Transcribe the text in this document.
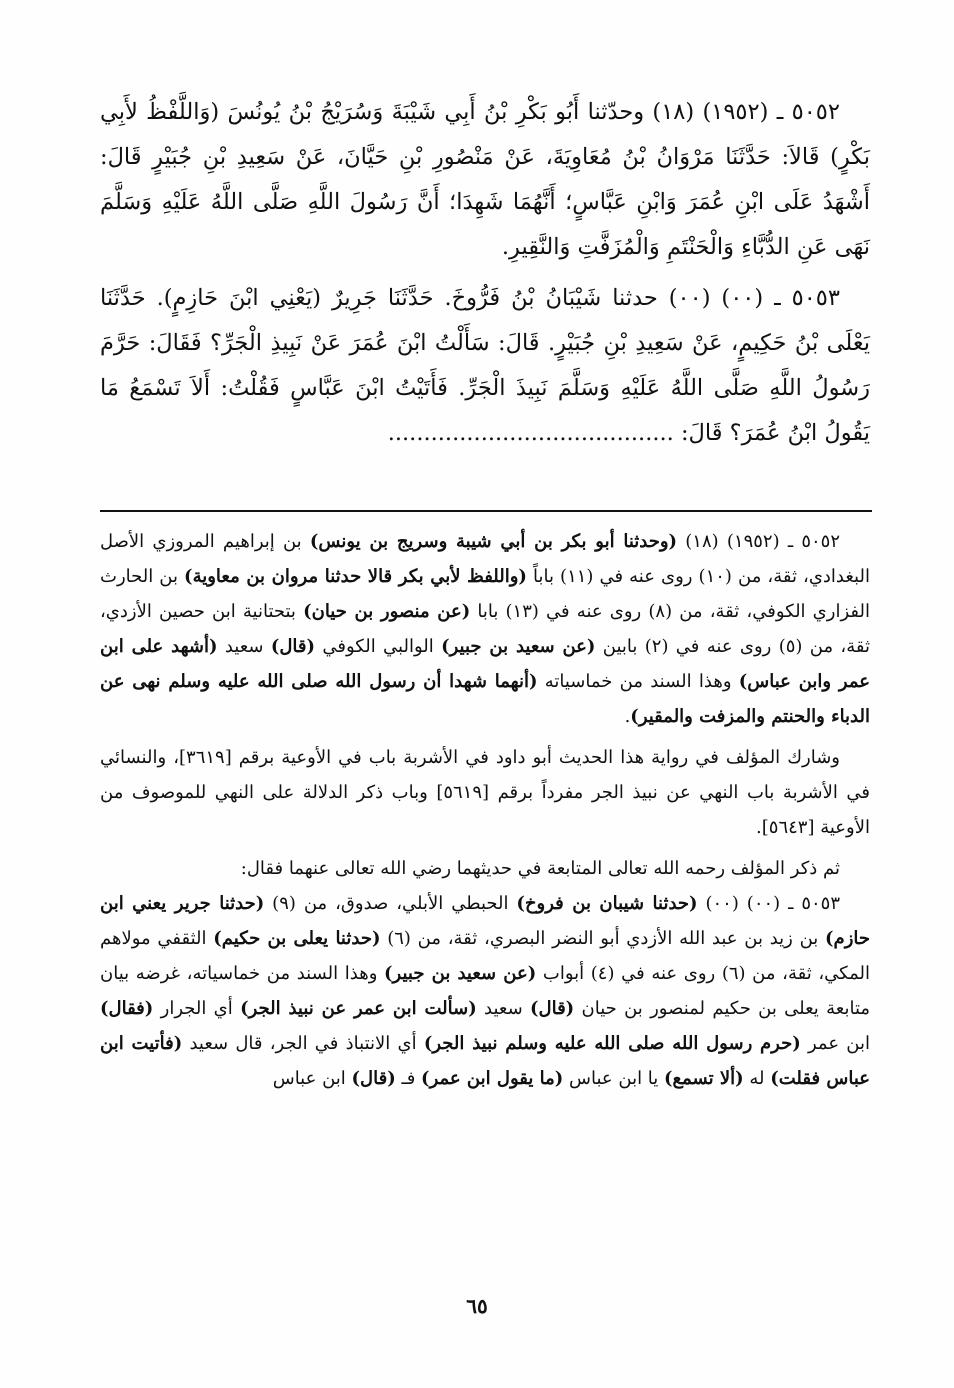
٥٠٥٢ ـ (١٩٥٢) (١٨) وحدّثنا أَبُو بَكْرِ بْنُ أَبِي شَيْبَةَ وَسُرَيْجُ بْنُ يُونُسَ (وَاللَّفْظُ لأَبِي بَكْرٍ) قَالاَ: حَدَّثَنَا مَرْوَانُ بْنُ مُعَاوِيَةَ، عَنْ مَنْصُورِ بْنِ حَيَّانَ، عَنْ سَعِيدِ بْنِ جُبَيْرٍ قَالَ: أَشْهَدُ عَلَى ابْنِ عُمَرَ وَابْنِ عَبَّاسٍ؛ أَنَّهُمَا شَهِدَا؛ أَنَّ رَسُولَ اللَّهِ صَلَّى اللَّهُ عَلَيْهِ وَسَلَّمَ نَهَى عَنِ الدُّبَّاءِ وَالْحَنْتَمِ وَالْمُزَفَّتِ وَالنَّقِيرِ.

٥٠٥٣ ـ (٠٠) (٠٠) حدثنا شَيْبَانُ بْنُ فَرُّوخَ. حَدَّثَنَا جَرِيرٌ (يَعْنِي ابْنَ حَازِمٍ). حَدَّثَنَا يَعْلَى بْنُ حَكِيمٍ، عَنْ سَعِيدِ بْنِ جُبَيْرٍ. قَالَ: سَأَلْتُ ابْنَ عُمَرَ عَنْ نَبِيذِ الْجَرِّ؟ فَقَالَ: حَرَّمَ رَسُولُ اللَّهِ صَلَّى اللَّهُ عَلَيْهِ وَسَلَّمَ نَبِيذَ الْجَرِّ. فَأَتَيْتُ ابْنَ عَبَّاسٍ فَقُلْتُ: أَلاَ تَسْمَعُ مَا يَقُولُ ابْنُ عُمَرَ؟ قَالَ: ........................................

٥٠٥٢ ـ (١٩٥٢) (١٨) (وحدثنا أبو بكر بن أبي شيبة وسريج بن يونس) بن إبراهيم المروزي الأصل البغدادي، ثقة، من (١٠) روى عنه في (١١) باباً (واللفظ لأبي بكر قالا حدثنا مروان بن معاوية) بن الحارث الفزاري الكوفي، ثقة، من (٨) روى عنه في (١٣) بابا (عن منصور بن حيان) بتحتانية ابن حصين الأزدي، ثقة، من (٥) روى عنه في (٢) بابين (عن سعيد بن جبير) الوالبي الكوفي (قال) سعيد (أشهد على ابن عمر وابن عباس) وهذا السند من خماسياته (أنهما شهدا أن رسول الله صلى الله عليه وسلم نهى عن الدباء والحنتم والمزفت والمقير).

وشارك المؤلف في رواية هذا الحديث أبو داود في الأشربة باب في الأوعية برقم [٣٦١٩]، والنسائي في الأشربة باب النهي عن نبيذ الجر مفرداً برقم [٥٦١٩] وباب ذكر الدلالة على النهي للموصوف من الأوعية [٥٦٤٣].

ثم ذكر المؤلف رحمه الله تعالى المتابعة في حديثهما رضي الله تعالى عنهما فقال:

٥٠٥٣ ـ (٠٠) (٠٠) (حدثنا شيبان بن فروخ) الحبطي الأبلي، صدوق، من (٩) (حدثنا جرير يعني ابن حازم) بن زيد بن عبد الله الأزدي أبو النضر البصري، ثقة، من (٦) (حدثنا يعلى بن حكيم) الثقفي مولاهم المكي، ثقة، من (٦) روى عنه في (٤) أبواب (عن سعيد بن جبير) وهذا السند من خماسياته، غرضه بيان متابعة يعلى بن حكيم لمنصور بن حيان (قال) سعيد (سألت ابن عمر عن نبيذ الجر) أي الجرار (فقال) ابن عمر (حرم رسول الله صلى الله عليه وسلم نبيذ الجر) أي الانتباذ في الجر، قال سعيد (فأتيت ابن عباس فقلت) له (ألا تسمع) يا ابن عباس (ما يقول ابن عمر) فـ (قال) ابن عباس

٦٥
